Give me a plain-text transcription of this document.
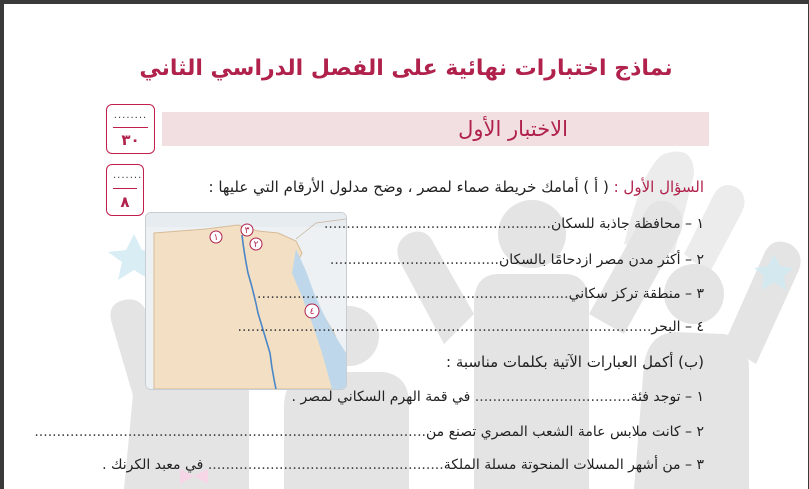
نماذج اختبارات نهائية على الفصل الدراسي الثاني
الاختبار الأول
........
٣٠
.......
٨
السؤال الأول : ( أ ) أمامك خريطة صماء لمصر ، وضح مدلول الأرقام التي عليها :
١
٢
٣
٤
١ – محافظة جاذبة للسكان...................................................
٢ – أكثر مدن مصر ازدحامًا بالسكان......................................
٣ – منطقة تركز سكاني......................................................................
٤ – البحر.............................................................................................
(ب) أكمل العبارات الآتية بكلمات مناسبة :
١ – توجد فئة................................... في قمة الهرم السكاني لمصر .
٢ – كانت ملابس عامة الشعب المصري تصنع من........................................................................................
٣ – من أشهر المسلات المنحوتة مسلة الملكة..................................................... في معبد الكرنك .
